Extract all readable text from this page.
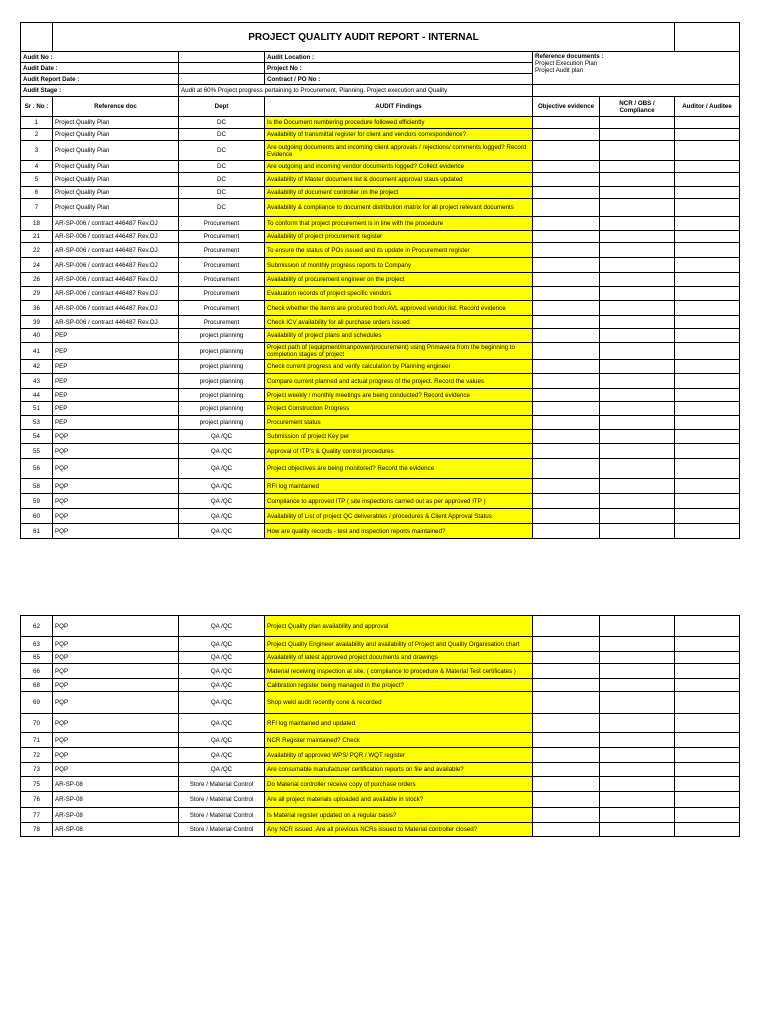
	PROJECT QUALITY AUDIT REPORT - INTERNAL					
Audit No :			Audit Location :	Reference documents :
Project Execution Plan
Project Audit plan		

Audit Date :			Project No :			
Audit Report Date :			Contract / PO No :			
Audit Stage :		Audit at 60% Project progress pertaining to Procurement, Planning, Project execution and Quality				
Sr . No :	Reference doc	Dept	AUDIT Findings	Objective evidence	NCR / OBS / Compliance	Auditor / Auditee
1	Project Quality Plan	DC	Is the Document numbering procedure followed efficiently			
2	Project Quality Plan	DC	Availability of transmittal register for client and vendors correspondence?			
3	Project Quality Plan	DC	Are outgoing documents and incoming client approvals / rejections/ comments logged? Record Evidence			
4	Project Quality Plan	DC	Are outgoing and incoming vendor documents logged? Collect evidence			
5	Project Quality Plan	DC	Availability of Master document list & document approval staus updated			
6	Project Quality Plan	DC	Availability of document controller on the project			
7	Project Quality Plan	DC	Availability & compliance to document distribution matrix for all project relevant documents			
18	AR-SP-006 / contract 446487 Rev.OJ	Procurement	To conform that project procurement is in line with the procedure			
21	AR-SP-006 / contract 446487 Rev.OJ	Procurement	Availability of project procurement register			
22	AR-SP-006 / contract 446487 Rev.OJ	Procurement	To ensure the status of POs issued and its update in Procurement register			
24	AR-SP-006 / contract 446487 Rev.OJ	Procurement	Submission of monthly progress reports to Company			
26	AR-SP-006 / contract 446487 Rev.OJ	Procurement	Availability of procurement engineer on the project			
29	AR-SP-006 / contract 446487 Rev.OJ	Procurement	Evaluation records of project specific vendors			
36	AR-SP-006 / contract 446487 Rev.OJ	Procurement	Check whether the items are procured from AVL approved vendor list. Record evidence			
39	AR-SP-006 / contract 446487 Rev.OJ	Procurement	Check ICV availability for all purchase orders issued			
40	PEP	project planning	Availability of project plans and schedules			
41	PEP	project planning	Project path of (equipment/manpower/procurement) using Primavera from the beginning to completion stages of project			
42	PEP	project planning	Check current progress and verify calculation by Planning engineer			
43	PEP	project planning	Compare current planned and actual progress of the project. Record the values			
44	PEP	project planning	Project weekly / monthly meetings are being conducted? Record evidence			
51	PEP	project planning	Project Construction Progress			
53	PEP	project planning	Procurement status			
54	PQP	QA /QC	Submission of project Key per			
55	PQP	QA /QC	Approval of ITP's & Quality control procedures			
56	PQP	QA /QC	Project objectives are being monitored? Record the evidence			
58	PQP	QA /QC	RFI log maintained			
59	PQP	QA /QC	Compliance to approved ITP ( site inspections carried out as per approved ITP )			
60	PQP	QA /QC	Availability of List of project QC deliverables / procedures & Client Approval Status			
61	PQP	QA /QC	How are quality records - test and inspection reports maintained?			
62	PQP	QA /QC	Project Quality plan availability and approval			
63	PQP	QA /QC	Project Quality Engineer availability and availability of Project and Quality Organisation chart			
65	PQP	QA /QC	Availability of latest approved project documents and drawings			
66	PQP	QA /QC	Material receiving inspection at site. ( compliance to procedure & Material Test certificates )			
68	PQP	QA /QC	Calibration register being managed in the project?			
69	PQP	QA /QC	Shop weld audit recently cone & recorded			
70	PQP	QA /QC	RFI log maintained and updated			
71	PQP	QA /QC	NCR Register maintained? Check			
72	PQP	QA /QC	Availability of approved WPS/ PQR / WQT register			
73	PQP	QA /QC	Are consumable manufacturer certification reports on file and available?			
75	AR-SP-08	Store / Material Control	Do Material controller receive copy of purchase orders			
76	AR-SP-08	Store / Material Control	Are all project materials uploaded and available in stock?			
77	AR-SP-08	Store / Material Control	Is Material register updated on a regular basis?			
78	AR-SP-08	Store / Material Control	Any NCR issued .Are all previous NCRs issued to Material controller closed?			
